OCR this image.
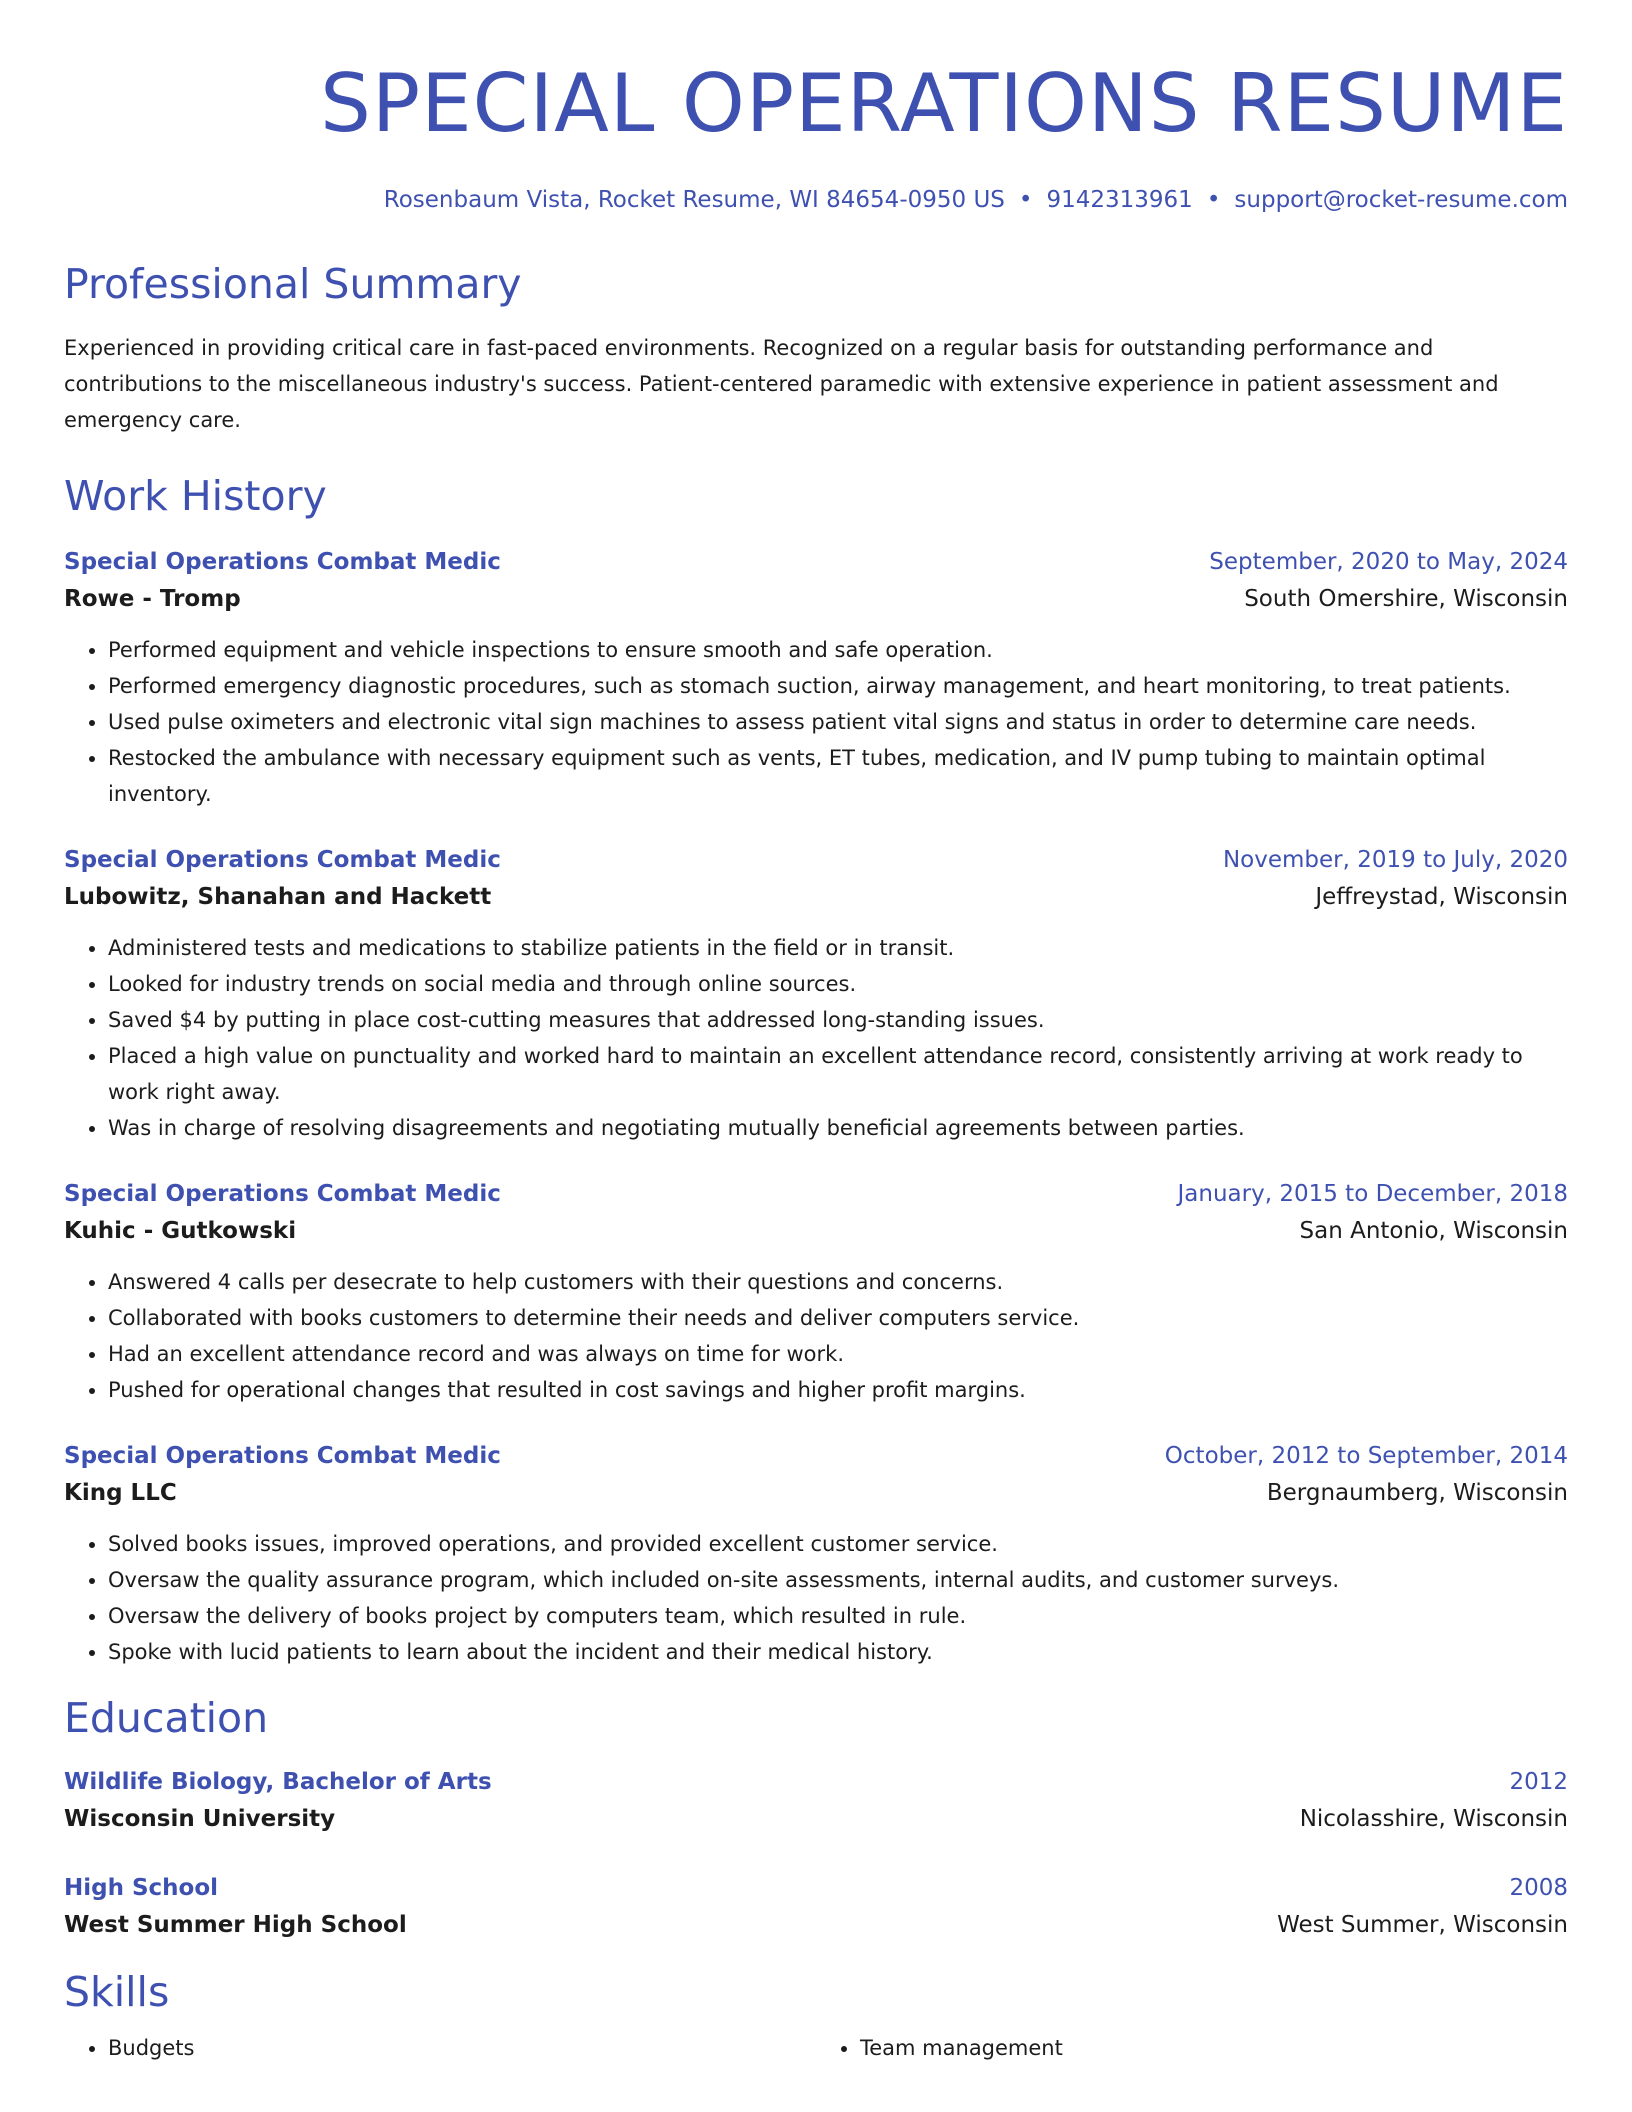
SPECIAL OPERATIONS RESUME
Rosenbaum Vista, Rocket Resume, WI 84654-0950 US • 9142313961 • support@rocket-resume.com
Professional Summary
Experienced in providing critical care in fast-paced environments. Recognized on a regular basis for outstanding performance and contributions to the miscellaneous industry's success. Patient-centered paramedic with extensive experience in patient assessment and emergency care.
Work History
Special Operations Combat Medic	September, 2020 to May, 2024
Rowe - Tromp	South Omershire, Wisconsin
• Performed equipment and vehicle inspections to ensure smooth and safe operation.
• Performed emergency diagnostic procedures, such as stomach suction, airway management, and heart monitoring, to treat patients.
• Used pulse oximeters and electronic vital sign machines to assess patient vital signs and status in order to determine care needs.
• Restocked the ambulance with necessary equipment such as vents, ET tubes, medication, and IV pump tubing to maintain optimal inventory.
Special Operations Combat Medic	November, 2019 to July, 2020
Lubowitz, Shanahan and Hackett	Jeffreystad, Wisconsin
• Administered tests and medications to stabilize patients in the field or in transit.
• Looked for industry trends on social media and through online sources.
• Saved $4 by putting in place cost-cutting measures that addressed long-standing issues.
• Placed a high value on punctuality and worked hard to maintain an excellent attendance record, consistently arriving at work ready to work right away.
• Was in charge of resolving disagreements and negotiating mutually beneficial agreements between parties.
Special Operations Combat Medic	January, 2015 to December, 2018
Kuhic - Gutkowski	San Antonio, Wisconsin
• Answered 4 calls per desecrate to help customers with their questions and concerns.
• Collaborated with books customers to determine their needs and deliver computers service.
• Had an excellent attendance record and was always on time for work.
• Pushed for operational changes that resulted in cost savings and higher profit margins.
Special Operations Combat Medic	October, 2012 to September, 2014
King LLC	Bergnaumberg, Wisconsin
• Solved books issues, improved operations, and provided excellent customer service.
• Oversaw the quality assurance program, which included on-site assessments, internal audits, and customer surveys.
• Oversaw the delivery of books project by computers team, which resulted in rule.
• Spoke with lucid patients to learn about the incident and their medical history.
Education
Wildlife Biology, Bachelor of Arts	2012
Wisconsin University	Nicolasshire, Wisconsin
High School	2008
West Summer High School	West Summer, Wisconsin
Skills
• Budgets
•	Team management
